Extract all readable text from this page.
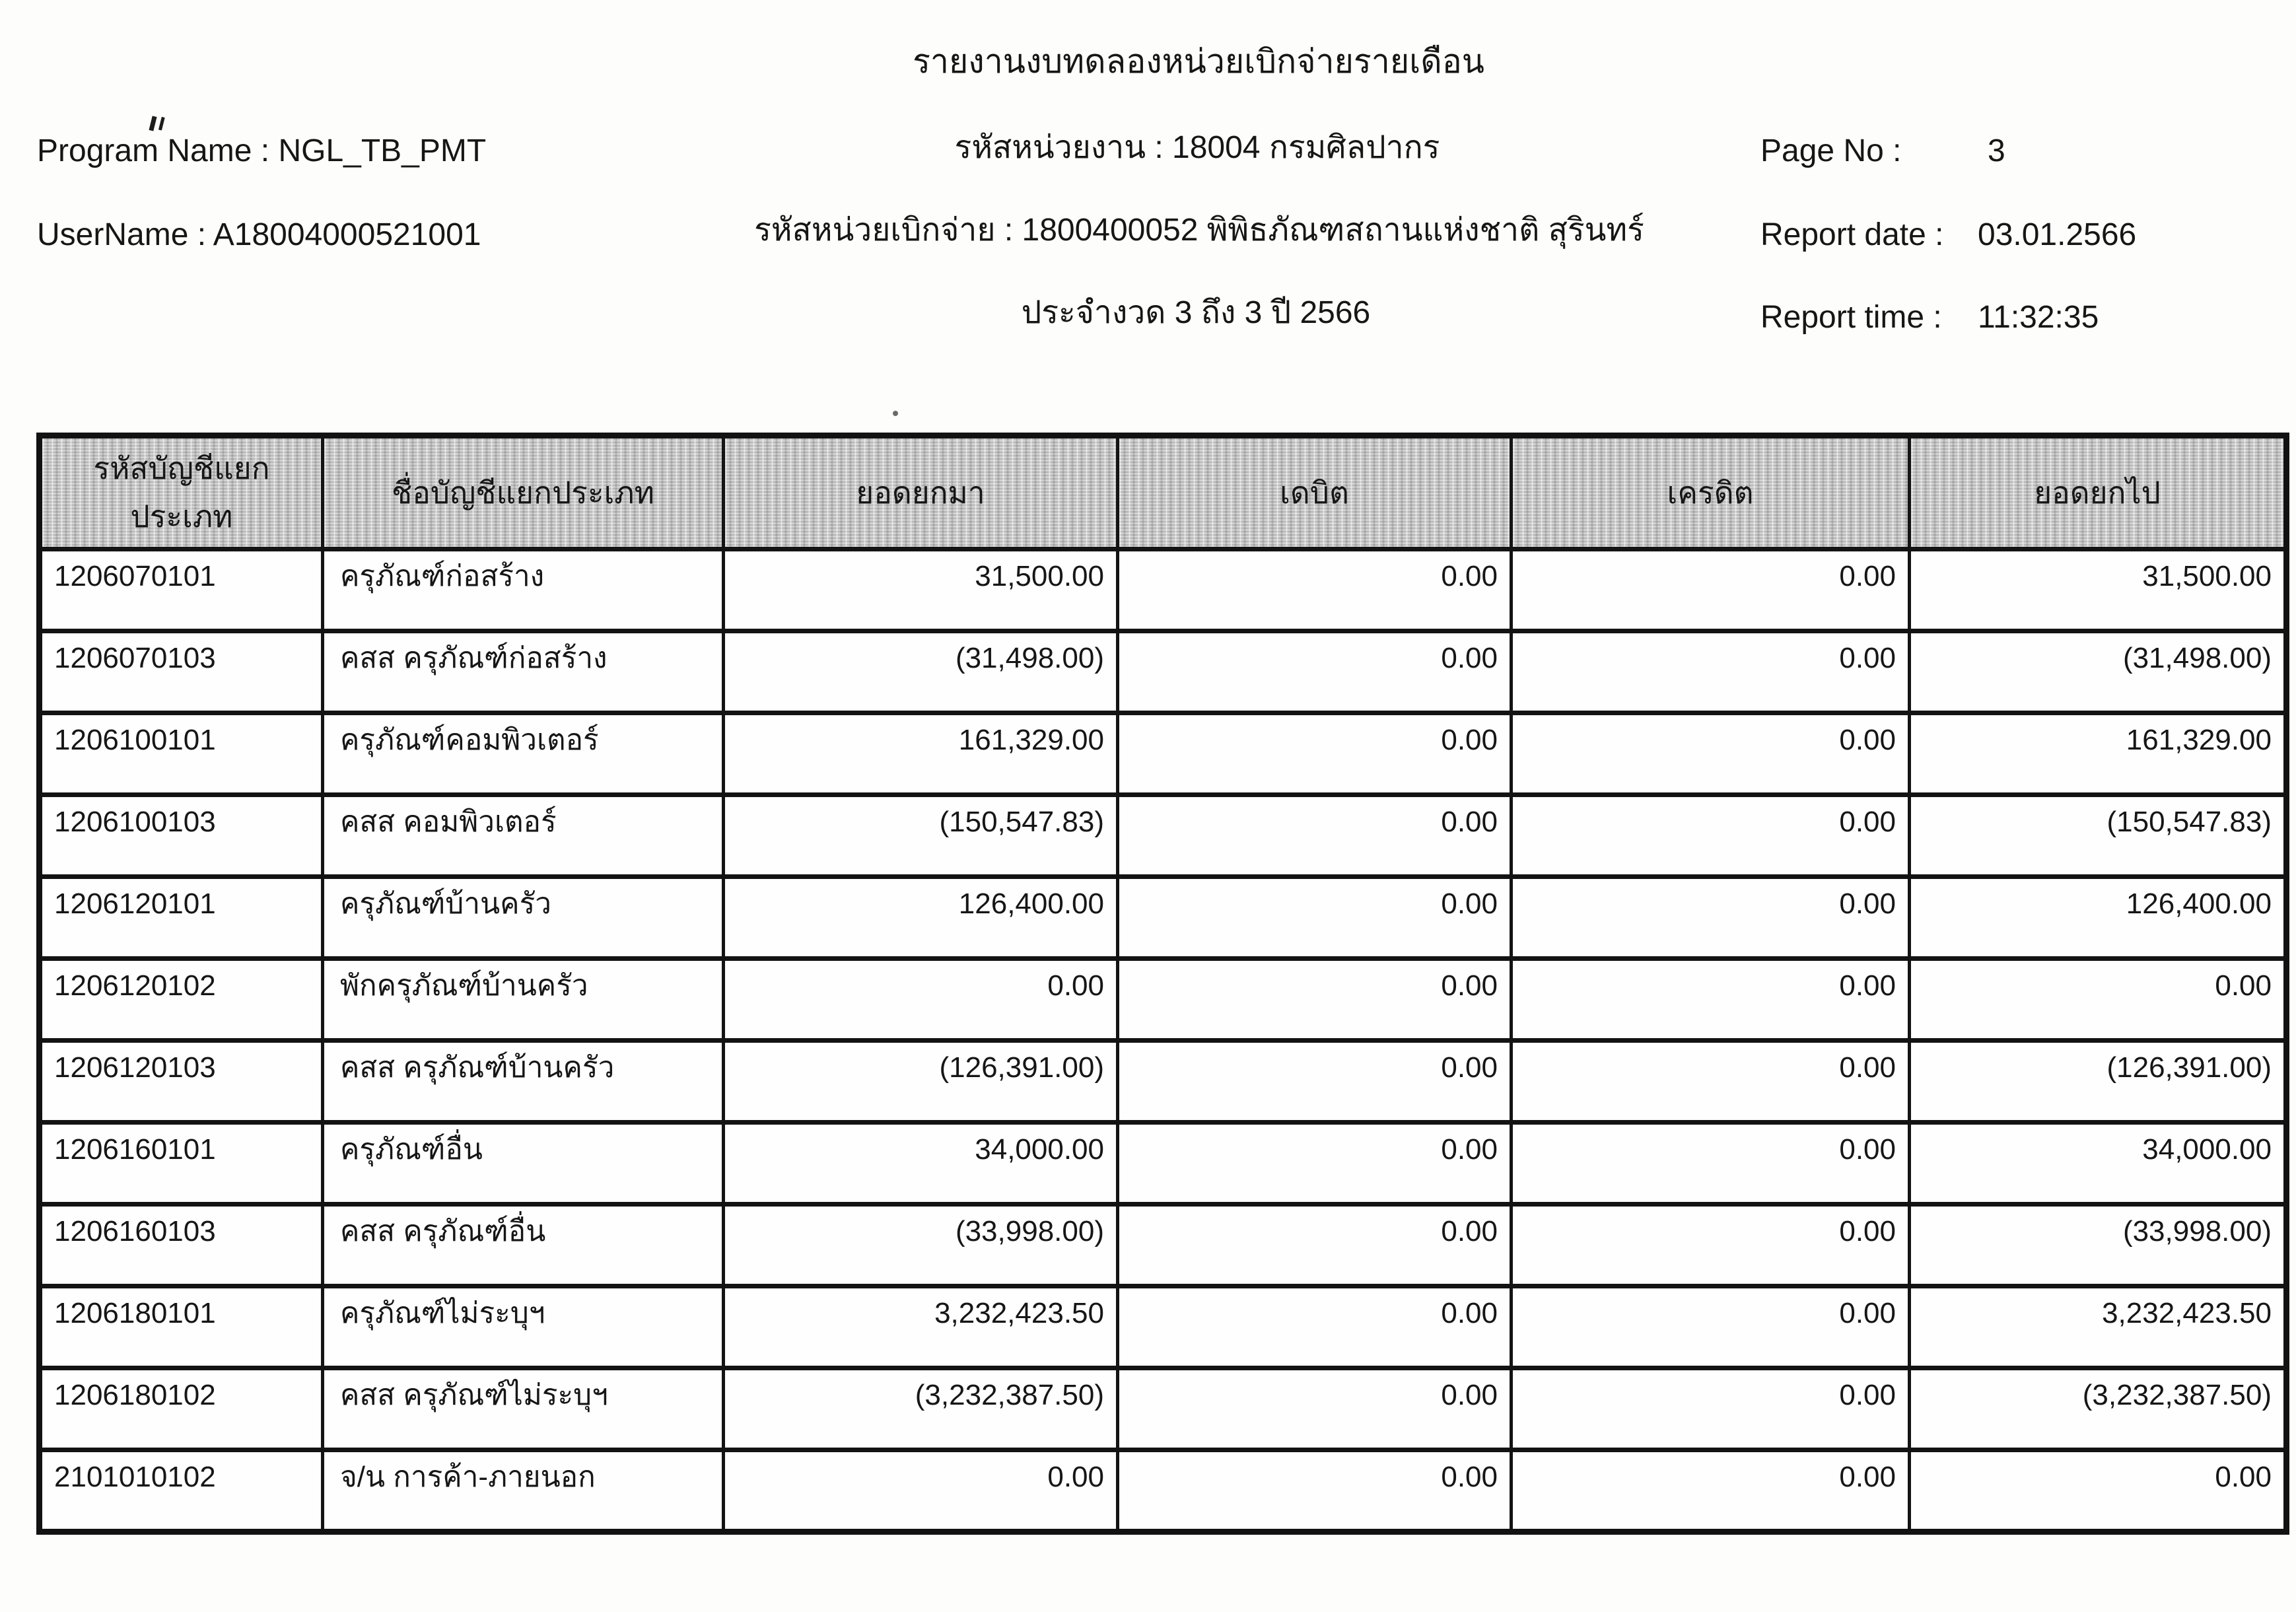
รายงานงบทดลองหน่วยเบิกจ่ายรายเดือน
Program Name : NGL_TB_PMT
UserName : A18004000521001
รหัสหน่วยงาน : 18004 กรมศิลปากร
รหัสหน่วยเบิกจ่าย : 1800400052 พิพิธภัณฑสถานแห่งชาติ สุรินทร์
ประจำงวด 3 ถึง 3 ปี 2566
Page No :	3
Report date : 03.01.2566
Report time : 11:32:35
รหัสบัญชีแยกประเภท	ชื่อบัญชีแยกประเภท	ยอดยกมา	เดบิต	เครดิต	ยอดยกไป
1206070101	ครุภัณฑ์ก่อสร้าง	31,500.00	0.00	0.00	31,500.00
1206070103	คสส ครุภัณฑ์ก่อสร้าง	(31,498.00)	0.00	0.00	(31,498.00)
1206100101	ครุภัณฑ์คอมพิวเตอร์	161,329.00	0.00	0.00	161,329.00
1206100103	คสส คอมพิวเตอร์	(150,547.83)	0.00	0.00	(150,547.83)
1206120101	ครุภัณฑ์บ้านครัว	126,400.00	0.00	0.00	126,400.00
1206120102	พักครุภัณฑ์บ้านครัว	0.00	0.00	0.00	0.00
1206120103	คสส ครุภัณฑ์บ้านครัว	(126,391.00)	0.00	0.00	(126,391.00)
1206160101	ครุภัณฑ์อื่น	34,000.00	0.00	0.00	34,000.00
1206160103	คสส ครุภัณฑ์อื่น	(33,998.00)	0.00	0.00	(33,998.00)
1206180101	ครุภัณฑ์ไม่ระบุฯ	3,232,423.50	0.00	0.00	3,232,423.50
1206180102	คสส ครุภัณฑ์ไม่ระบุฯ	(3,232,387.50)	0.00	0.00	(3,232,387.50)
2101010102	จ/น การค้า-ภายนอก	0.00	0.00	0.00	0.00
